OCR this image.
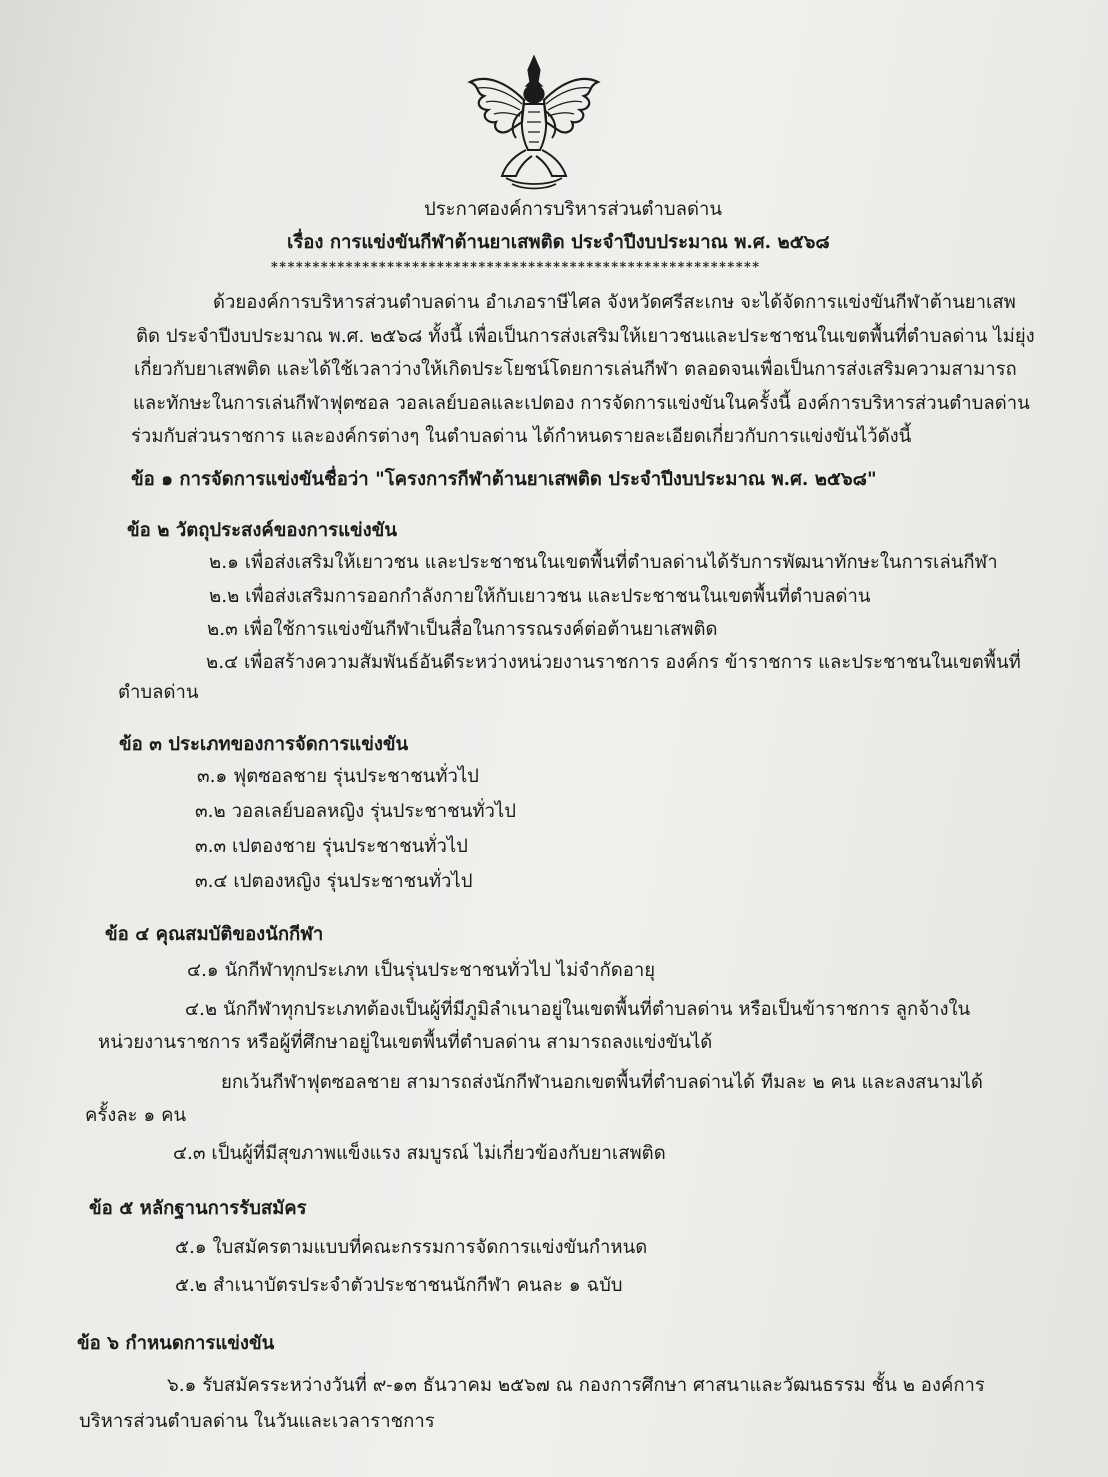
ประกาศองค์การบริหารส่วนตำบลด่าน
เรื่อง การแข่งขันกีฬาต้านยาเสพติด ประจำปีงบประมาณ พ.ศ. ๒๕๖๘
***********************************************************
ด้วยองค์การบริหารส่วนตำบลด่าน อำเภอราษีไศล จังหวัดศรีสะเกษ จะได้จัดการแข่งขันกีฬาต้านยาเสพ
ติด ประจำปีงบประมาณ พ.ศ. ๒๕๖๘ ทั้งนี้ เพื่อเป็นการส่งเสริมให้เยาวชนและประชาชนในเขตพื้นที่ตำบลด่าน ไม่ยุ่ง
เกี่ยวกับยาเสพติด และได้ใช้เวลาว่างให้เกิดประโยชน์โดยการเล่นกีฬา ตลอดจนเพื่อเป็นการส่งเสริมความสามารถ
และทักษะในการเล่นกีฬาฟุตซอล วอลเลย์บอลและเปตอง การจัดการแข่งขันในครั้งนี้ องค์การบริหารส่วนตำบลด่าน
ร่วมกับส่วนราชการ และองค์กรต่างๆ ในตำบลด่าน ได้กำหนดรายละเอียดเกี่ยวกับการแข่งขันไว้ดังนี้
ข้อ ๑ การจัดการแข่งขันชื่อว่า "โครงการกีฬาต้านยาเสพติด ประจำปีงบประมาณ พ.ศ. ๒๕๖๘"
ข้อ ๒ วัตถุประสงค์ของการแข่งขัน
๒.๑ เพื่อส่งเสริมให้เยาวชน และประชาชนในเขตพื้นที่ตำบลด่านได้รับการพัฒนาทักษะในการเล่นกีฬา
๒.๒ เพื่อส่งเสริมการออกกำลังกายให้กับเยาวชน และประชาชนในเขตพื้นที่ตำบลด่าน
๒.๓ เพื่อใช้การแข่งขันกีฬาเป็นสื่อในการรณรงค์ต่อต้านยาเสพติด
๒.๔ เพื่อสร้างความสัมพันธ์อันดีระหว่างหน่วยงานราชการ องค์กร ข้าราชการ และประชาชนในเขตพื้นที่
ตำบลด่าน
ข้อ ๓ ประเภทของการจัดการแข่งขัน
๓.๑ ฟุตซอลชาย รุ่นประชาชนทั่วไป
๓.๒ วอลเลย์บอลหญิง รุ่นประชาชนทั่วไป
๓.๓ เปตองชาย รุ่นประชาชนทั่วไป
๓.๔ เปตองหญิง รุ่นประชาชนทั่วไป
ข้อ ๔ คุณสมบัติของนักกีฬา
๔.๑ นักกีฬาทุกประเภท เป็นรุ่นประชาชนทั่วไป ไม่จำกัดอายุ
๔.๒ นักกีฬาทุกประเภทต้องเป็นผู้ที่มีภูมิลำเนาอยู่ในเขตพื้นที่ตำบลด่าน หรือเป็นข้าราชการ ลูกจ้างใน
หน่วยงานราชการ หรือผู้ที่ศึกษาอยู่ในเขตพื้นที่ตำบลด่าน สามารถลงแข่งขันได้
ยกเว้นกีฬาฟุตซอลชาย สามารถส่งนักกีฬานอกเขตพื้นที่ตำบลด่านได้ ทีมละ ๒ คน และลงสนามได้
ครั้งละ ๑ คน
๔.๓ เป็นผู้ที่มีสุขภาพแข็งแรง สมบูรณ์ ไม่เกี่ยวข้องกับยาเสพติด
ข้อ ๕ หลักฐานการรับสมัคร
๕.๑ ใบสมัครตามแบบที่คณะกรรมการจัดการแข่งขันกำหนด
๕.๒ สำเนาบัตรประจำตัวประชาชนนักกีฬา คนละ ๑ ฉบับ
ข้อ ๖ กำหนดการแข่งขัน
๖.๑ รับสมัครระหว่างวันที่ ๙-๑๓ ธันวาคม ๒๕๖๗ ณ กองการศึกษา ศาสนาและวัฒนธรรม ชั้น ๒ องค์การ
บริหารส่วนตำบลด่าน ในวันและเวลาราชการ
